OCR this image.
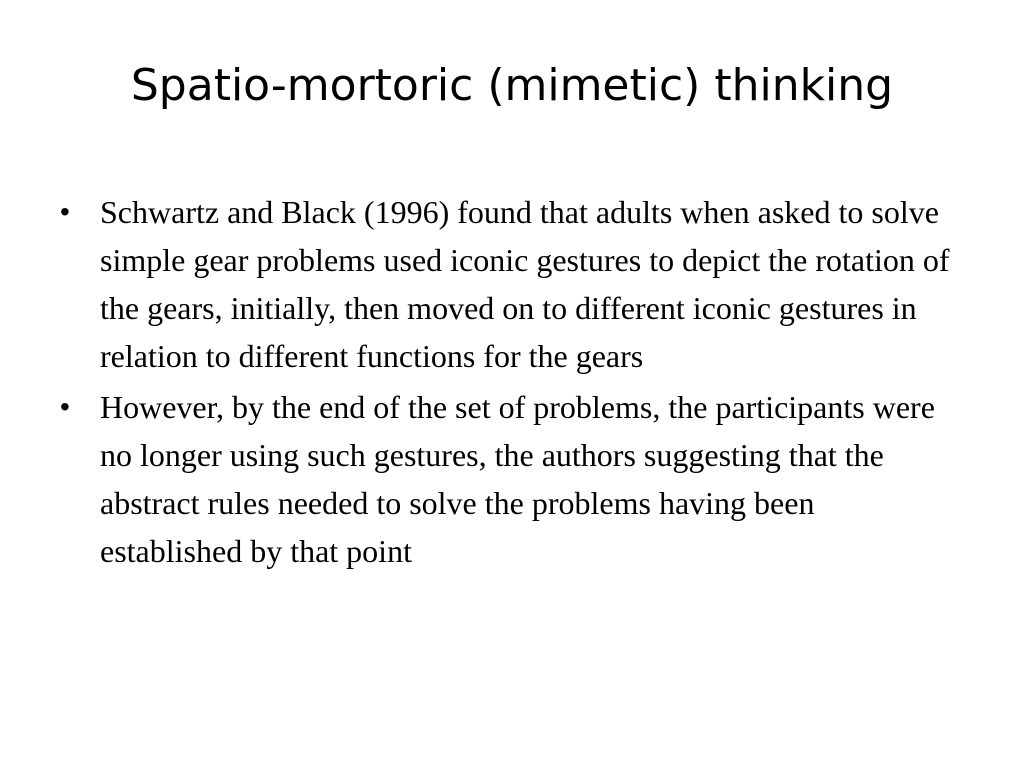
Spatio-mortoric (mimetic) thinking
• Schwartz and Black (1996) found that adults when asked to solve simple gear problems used iconic gestures to depict the rotation of the gears, initially, then moved on to different iconic gestures in relation to different functions for the gears
• However, by the end of the set of problems, the participants were no longer using such gestures, the authors suggesting that the abstract rules needed to solve the problems having been established by that point
